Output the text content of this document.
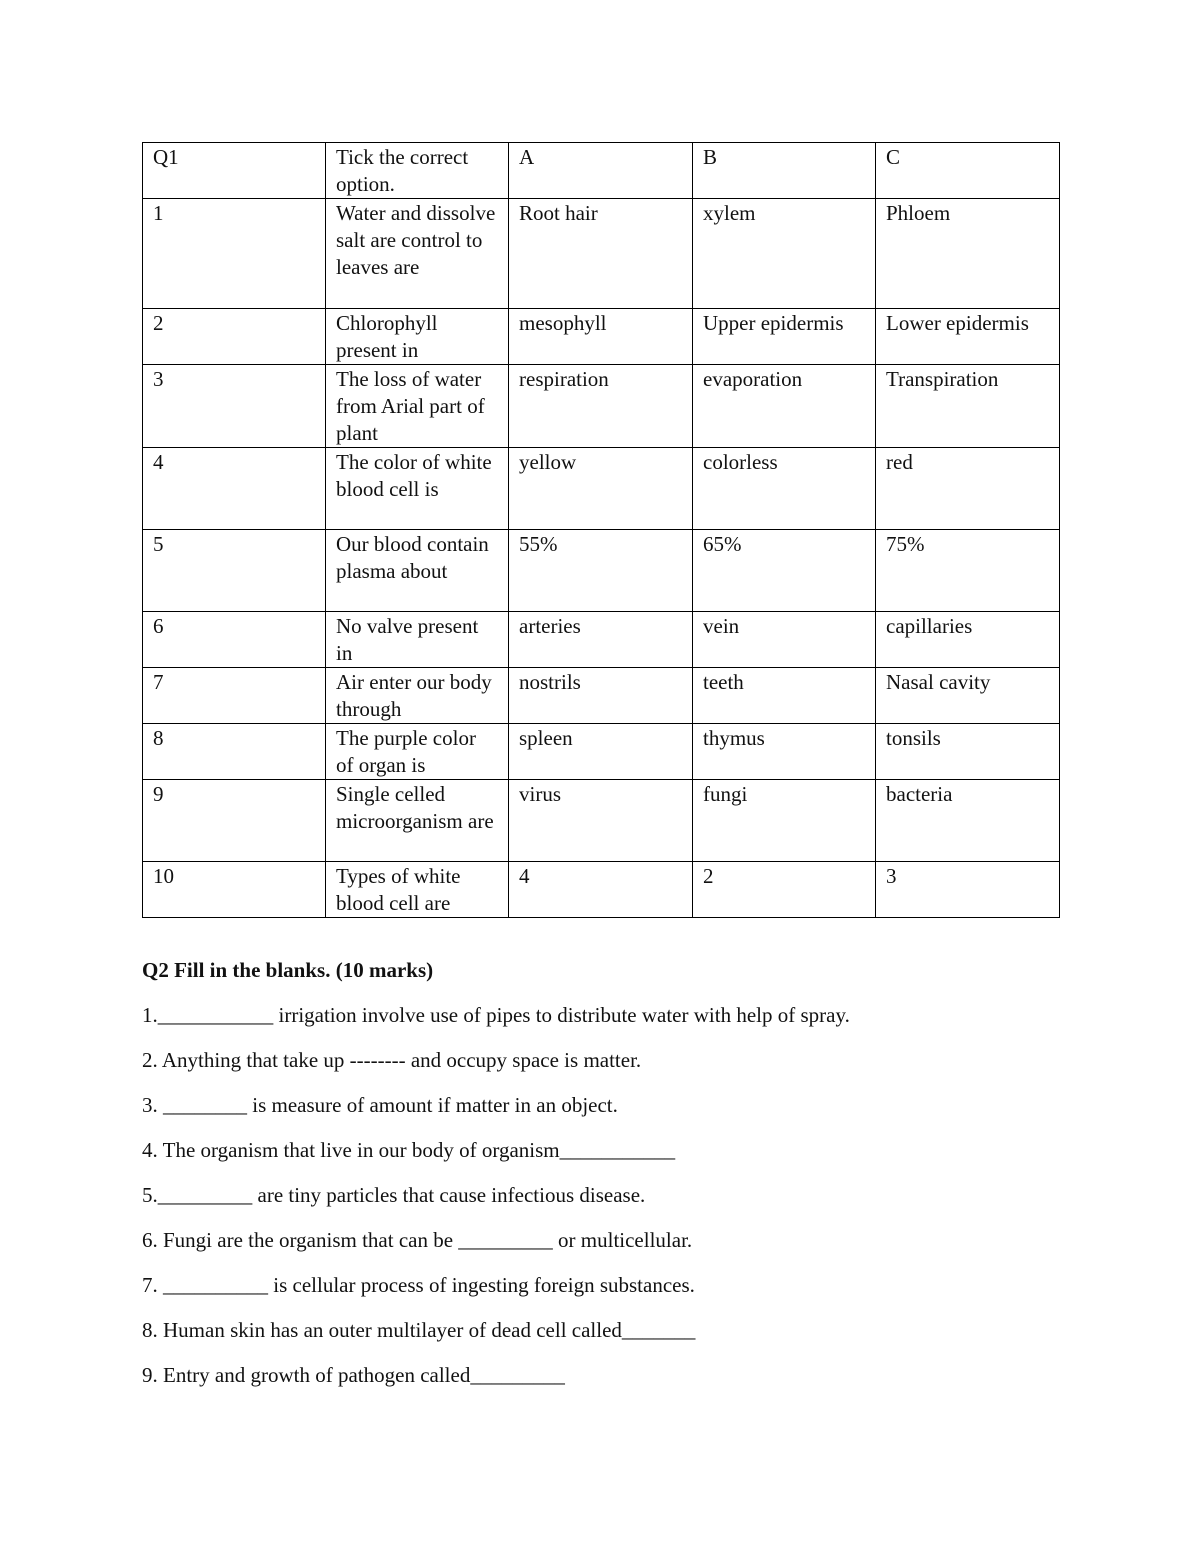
Q1	Tick the correct option.	A	B	C
1	Water and dissolve salt are control to leaves are	Root hair	xylem	Phloem
2	Chlorophyll present in	mesophyll	Upper epidermis	Lower epidermis
3	The loss of water from Arial part of plant	respiration	evaporation	Transpiration
4	The color of white blood cell is	yellow	colorless	red
5	Our blood contain plasma about	55%	65%	75%
6	No valve present in	arteries	vein	capillaries
7	Air enter our body through	nostrils	teeth	Nasal cavity
8	The purple color of organ is	spleen	thymus	tonsils
9	Single celled microorganism are	virus	fungi	bacteria
10	Types of white blood cell are	4	2	3

Q2 Fill in the blanks. (10 marks)

1.___________ irrigation involve use of pipes to distribute water with help of spray.

2. Anything that take up -------- and occupy space is matter.

3. ________ is measure of amount if matter in an object.

4. The organism that live in our body of organism___________

5._________ are tiny particles that cause infectious disease.

6. Fungi are the organism that can be _________ or multicellular.

7. __________ is cellular process of ingesting foreign substances.

8. Human skin has an outer multilayer of dead cell called_______

9. Entry and growth of pathogen called_________
